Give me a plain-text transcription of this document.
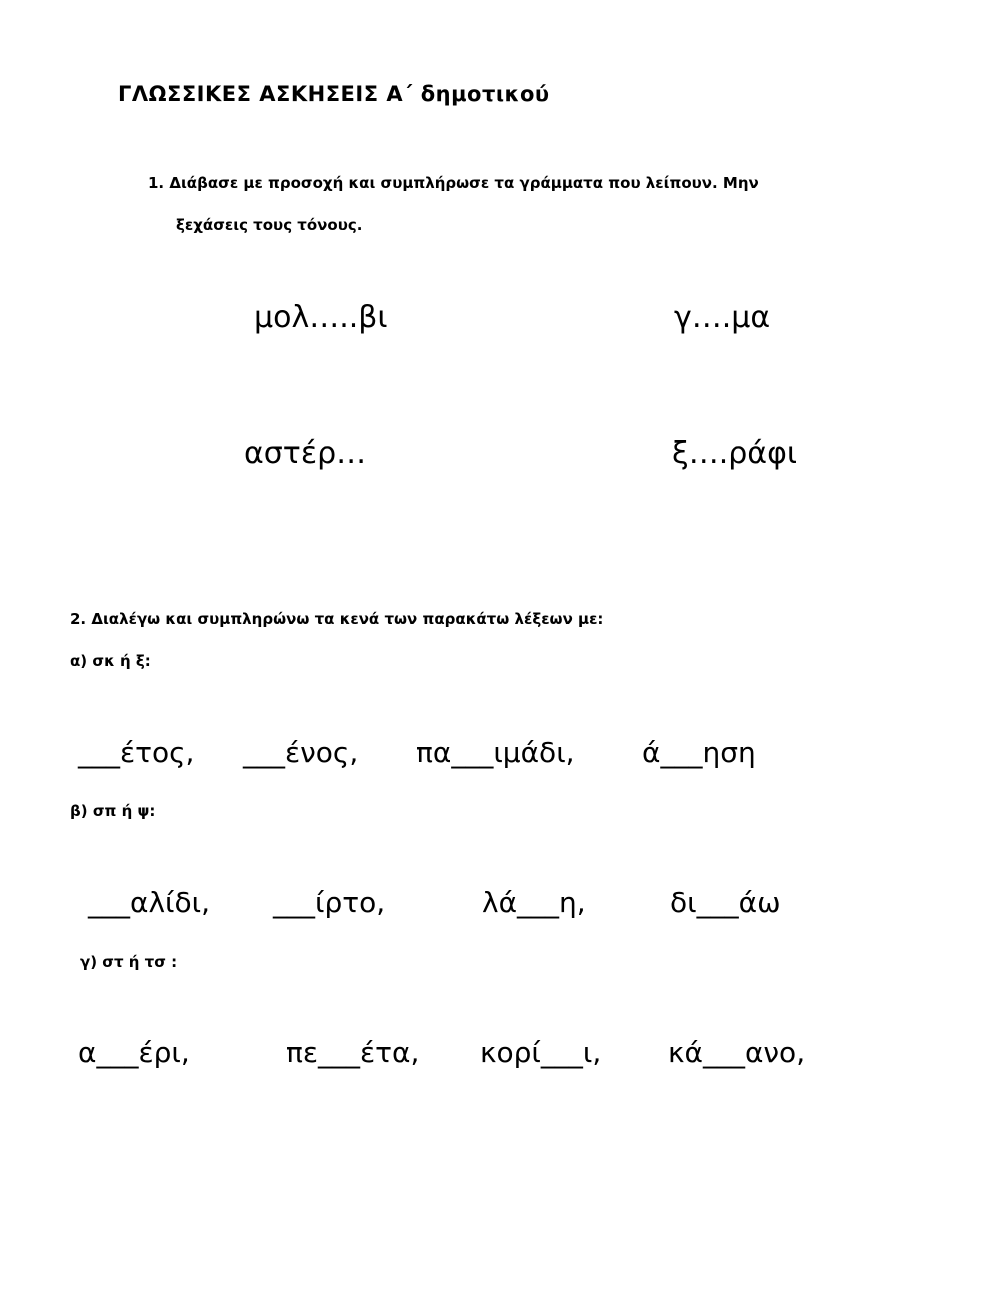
ΓΛΩΣΣΙΚΕΣ ΑΣΚΗΣΕΙΣ Α΄ δημοτικού
1. Διάβασε με προσοχή και συμπλήρωσε τα γράμματα που λείπουν. Μην
ξεχάσεις τους τόνους.
μολ…..βι	γ….μα
αστέρ…	ξ….ράφι
2. Διαλέγω και συμπληρώνω τα κενά των παρακάτω λέξεων με:
α) σκ ή ξ:
___έτος, ___ένος, πα___ιμάδι, ά___ηση
β) σπ ή ψ:
___αλίδι, ___ίρτο,	λά___η,	δι___άω
γ) στ ή τσ :
α___έρι,	πε___έτα, κορί___ι, κά___ανο,
